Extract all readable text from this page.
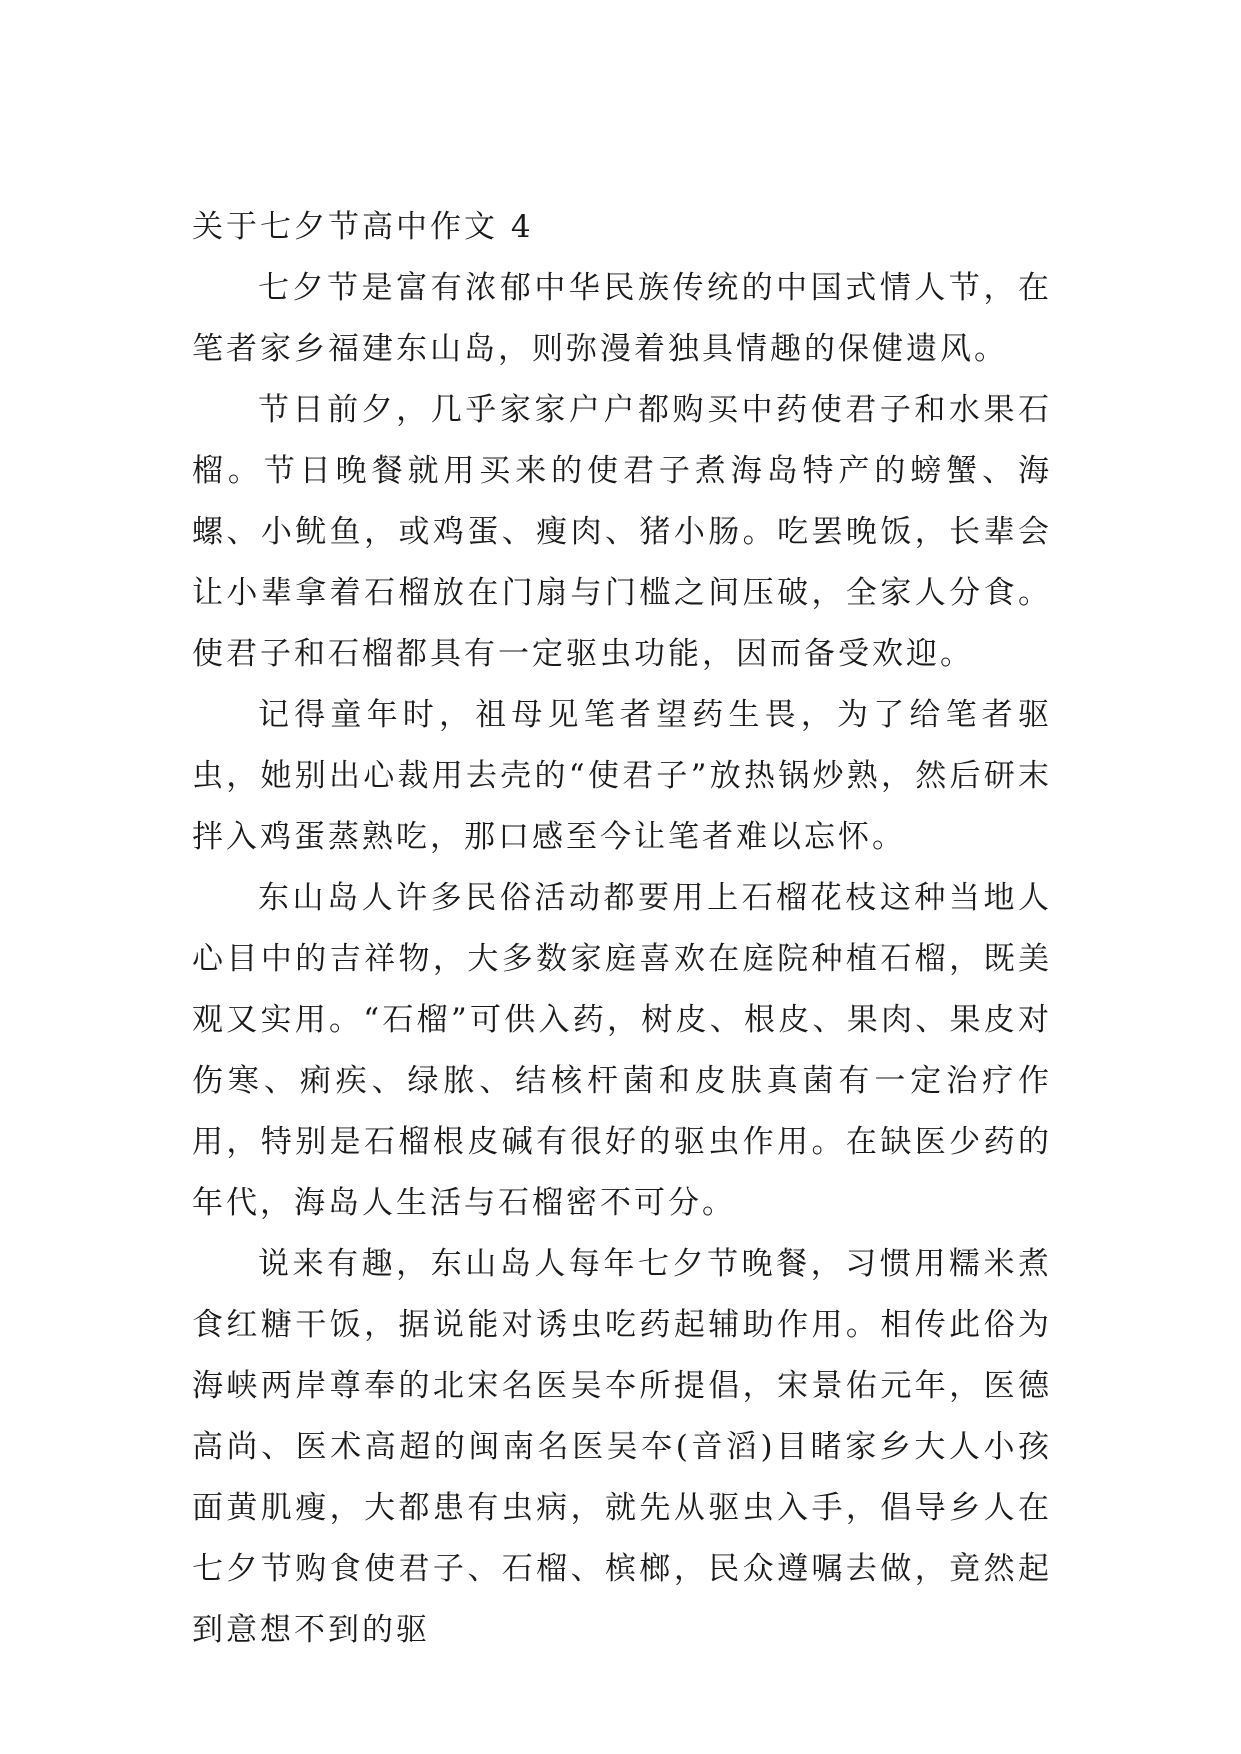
关于七夕节高中作文 4

七夕节是富有浓郁中华民族传统的中国式情人节，在笔者家乡福建东山岛，则弥漫着独具情趣的保健遗风。

节日前夕，几乎家家户户都购买中药使君子和水果石榴。节日晚餐就用买来的使君子煮海岛特产的螃蟹、海螺、小鱿鱼，或鸡蛋、瘦肉、猪小肠。吃罢晚饭，长辈会让小辈拿着石榴放在门扇与门槛之间压破，全家人分食。使君子和石榴都具有一定驱虫功能，因而备受欢迎。

记得童年时，祖母见笔者望药生畏，为了给笔者驱虫，她别出心裁用去壳的“使君子”放热锅炒熟，然后研末拌入鸡蛋蒸熟吃，那口感至今让笔者难以忘怀。

东山岛人许多民俗活动都要用上石榴花枝这种当地人心目中的吉祥物，大多数家庭喜欢在庭院种植石榴，既美观又实用。“石榴”可供入药，树皮、根皮、果肉、果皮对伤寒、痢疾、绿脓、结核杆菌和皮肤真菌有一定治疗作用，特别是石榴根皮碱有很好的驱虫作用。在缺医少药的年代，海岛人生活与石榴密不可分。

说来有趣，东山岛人每年七夕节晚餐，习惯用糯米煮食红糖干饭，据说能对诱虫吃药起辅助作用。相传此俗为海峡两岸尊奉的北宋名医吴夲所提倡，宋景佑元年，医德高尚、医术高超的闽南名医吴夲(音滔)目睹家乡大人小孩面黄肌瘦，大都患有虫病，就先从驱虫入手，倡导乡人在七夕节购食使君子、石榴、槟榔，民众遵嘱去做，竟然起到意想不到的驱
